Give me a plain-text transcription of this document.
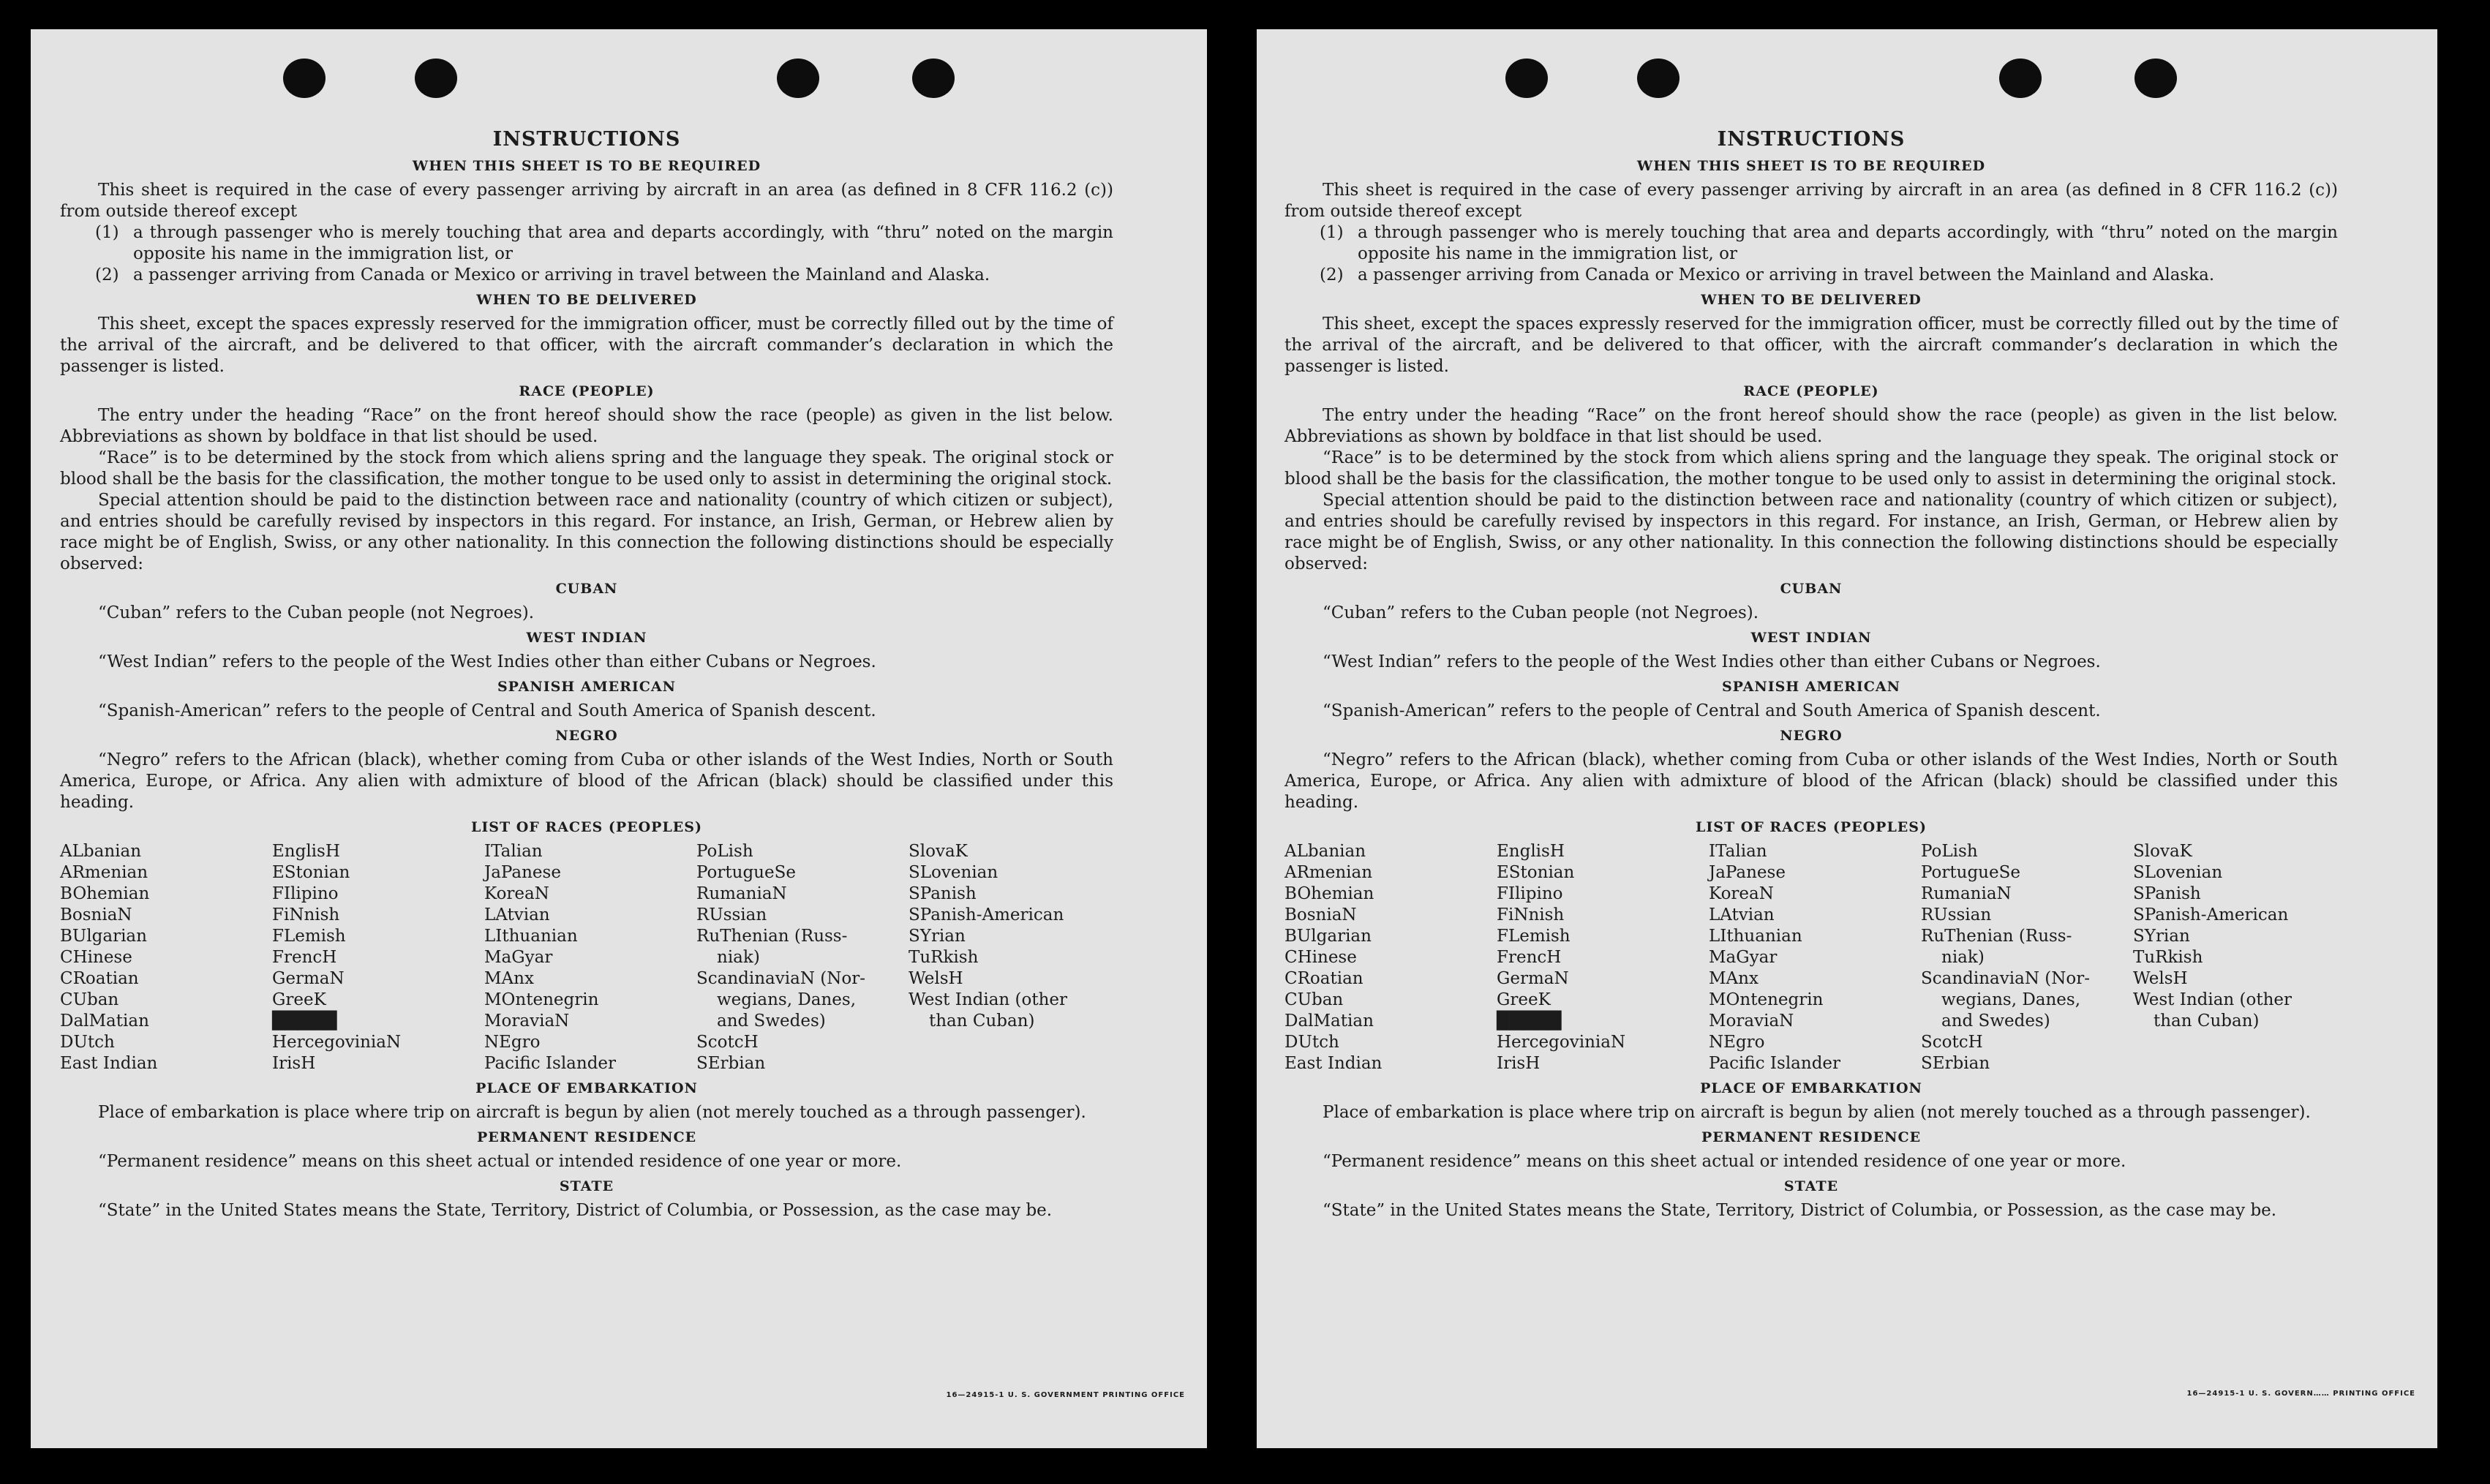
INSTRUCTIONS
WHEN THIS SHEET IS TO BE REQUIRED

This sheet is required in the case of every passenger arriving by aircraft in an area (as defined in 8 CFR 116.2 (c)) from outside thereof except

(1) a through passenger who is merely touching that area and departs accordingly, with “thru” noted on the margin opposite his name in the immigration list, or
(2) a passenger arriving from Canada or Mexico or arriving in travel between the Mainland and Alaska.
WHEN TO BE DELIVERED

This sheet, except the spaces expressly reserved for the immigration officer, must be correctly filled out by the time of the arrival of the aircraft, and be delivered to that officer, with the aircraft commander’s declaration in which the passenger is listed.

RACE (PEOPLE)

The entry under the heading “Race” on the front hereof should show the race (people) as given in the list below. Abbreviations as shown by boldface in that list should be used.

“Race” is to be determined by the stock from which aliens spring and the language they speak. The original stock or blood shall be the basis for the classification, the mother tongue to be used only to assist in determining the original stock.

Special attention should be paid to the distinction between race and nationality (country of which citizen or subject), and entries should be carefully revised by inspectors in this regard. For instance, an Irish, German, or Hebrew alien by race might be of English, Swiss, or any other nationality. In this connection the following distinctions should be especially observed:

CUBAN

“Cuban” refers to the Cuban people (not Negroes).

WEST INDIAN

“West Indian” refers to the people of the West Indies other than either Cubans or Negroes.

SPANISH AMERICAN

“Spanish-American” refers to the people of Central and South America of Spanish descent.

NEGRO

“Negro” refers to the African (black), whether coming from Cuba or other islands of the West Indies, North or South America, Europe, or Africa. Any alien with admixture of blood of the African (black) should be classified under this heading.

LIST OF RACES (PEOPLES)
ALbanian	EnglisH	ITalian	PoLish	SlovaK
ARmenian	EStonian	JaPanese	PortugueSe	SLovenian
BOhemian	FIlipino	KoreaN	RumaniaN	SPanish
BosniaN	FiNnish	LAtvian	RUssian	SPanish-American
BUlgarian	FLemish	LIthuanian	RuThenian (Russ-	SYrian
CHinese	FrencH	MaGyar	niak)	TuRkish
CRoatian	GermaN	MAnx	ScandinaviaN (Nor-	WelsH
CUban	GreeK	MOntenegrin	wegians, Danes,	West Indian (other
DalMatian	█████	MoraviaN	and Swedes)	than Cuban)
DUtch	HercegoviniaN	NEgro	ScotcH
East Indian	IrisH	Pacific Islander	SErbian
PLACE OF EMBARKATION

Place of embarkation is place where trip on aircraft is begun by alien (not merely touched as a through passenger).

PERMANENT RESIDENCE

“Permanent residence” means on this sheet actual or intended residence of one year or more.

STATE

“State” in the United States means the State, Territory, District of Columbia, or Possession, as the case may be.

16—24915-1 U. S. GOVERNMENT PRINTING OFFICE
INSTRUCTIONS
WHEN THIS SHEET IS TO BE REQUIRED

This sheet is required in the case of every passenger arriving by aircraft in an area (as defined in 8 CFR 116.2 (c)) from outside thereof except

(1) a through passenger who is merely touching that area and departs accordingly, with “thru” noted on the margin opposite his name in the immigration list, or
(2) a passenger arriving from Canada or Mexico or arriving in travel between the Mainland and Alaska.
WHEN TO BE DELIVERED

This sheet, except the spaces expressly reserved for the immigration officer, must be correctly filled out by the time of the arrival of the aircraft, and be delivered to that officer, with the aircraft commander’s declaration in which the passenger is listed.

RACE (PEOPLE)

The entry under the heading “Race” on the front hereof should show the race (people) as given in the list below. Abbreviations as shown by boldface in that list should be used.

“Race” is to be determined by the stock from which aliens spring and the language they speak. The original stock or blood shall be the basis for the classification, the mother tongue to be used only to assist in determining the original stock.

Special attention should be paid to the distinction between race and nationality (country of which citizen or subject), and entries should be carefully revised by inspectors in this regard. For instance, an Irish, German, or Hebrew alien by race might be of English, Swiss, or any other nationality. In this connection the following distinctions should be especially observed:

CUBAN

“Cuban” refers to the Cuban people (not Negroes).

WEST INDIAN

“West Indian” refers to the people of the West Indies other than either Cubans or Negroes.

SPANISH AMERICAN

“Spanish-American” refers to the people of Central and South America of Spanish descent.

NEGRO

“Negro” refers to the African (black), whether coming from Cuba or other islands of the West Indies, North or South America, Europe, or Africa. Any alien with admixture of blood of the African (black) should be classified under this heading.

LIST OF RACES (PEOPLES)
ALbanian	EnglisH	ITalian	PoLish	SlovaK
ARmenian	EStonian	JaPanese	PortugueSe	SLovenian
BOhemian	FIlipino	KoreaN	RumaniaN	SPanish
BosniaN	FiNnish	LAtvian	RUssian	SPanish-American
BUlgarian	FLemish	LIthuanian	RuThenian (Russ-	SYrian
CHinese	FrencH	MaGyar	niak)	TuRkish
CRoatian	GermaN	MAnx	ScandinaviaN (Nor-	WelsH
CUban	GreeK	MOntenegrin	wegians, Danes,	West Indian (other
DalMatian	█████	MoraviaN	and Swedes)	than Cuban)
DUtch	HercegoviniaN	NEgro	ScotcH
East Indian	IrisH	Pacific Islander	SErbian
PLACE OF EMBARKATION

Place of embarkation is place where trip on aircraft is begun by alien (not merely touched as a through passenger).

PERMANENT RESIDENCE

“Permanent residence” means on this sheet actual or intended residence of one year or more.

STATE

“State” in the United States means the State, Territory, District of Columbia, or Possession, as the case may be.

16—24915-1 U. S. GOVERN…… PRINTING OFFICE
